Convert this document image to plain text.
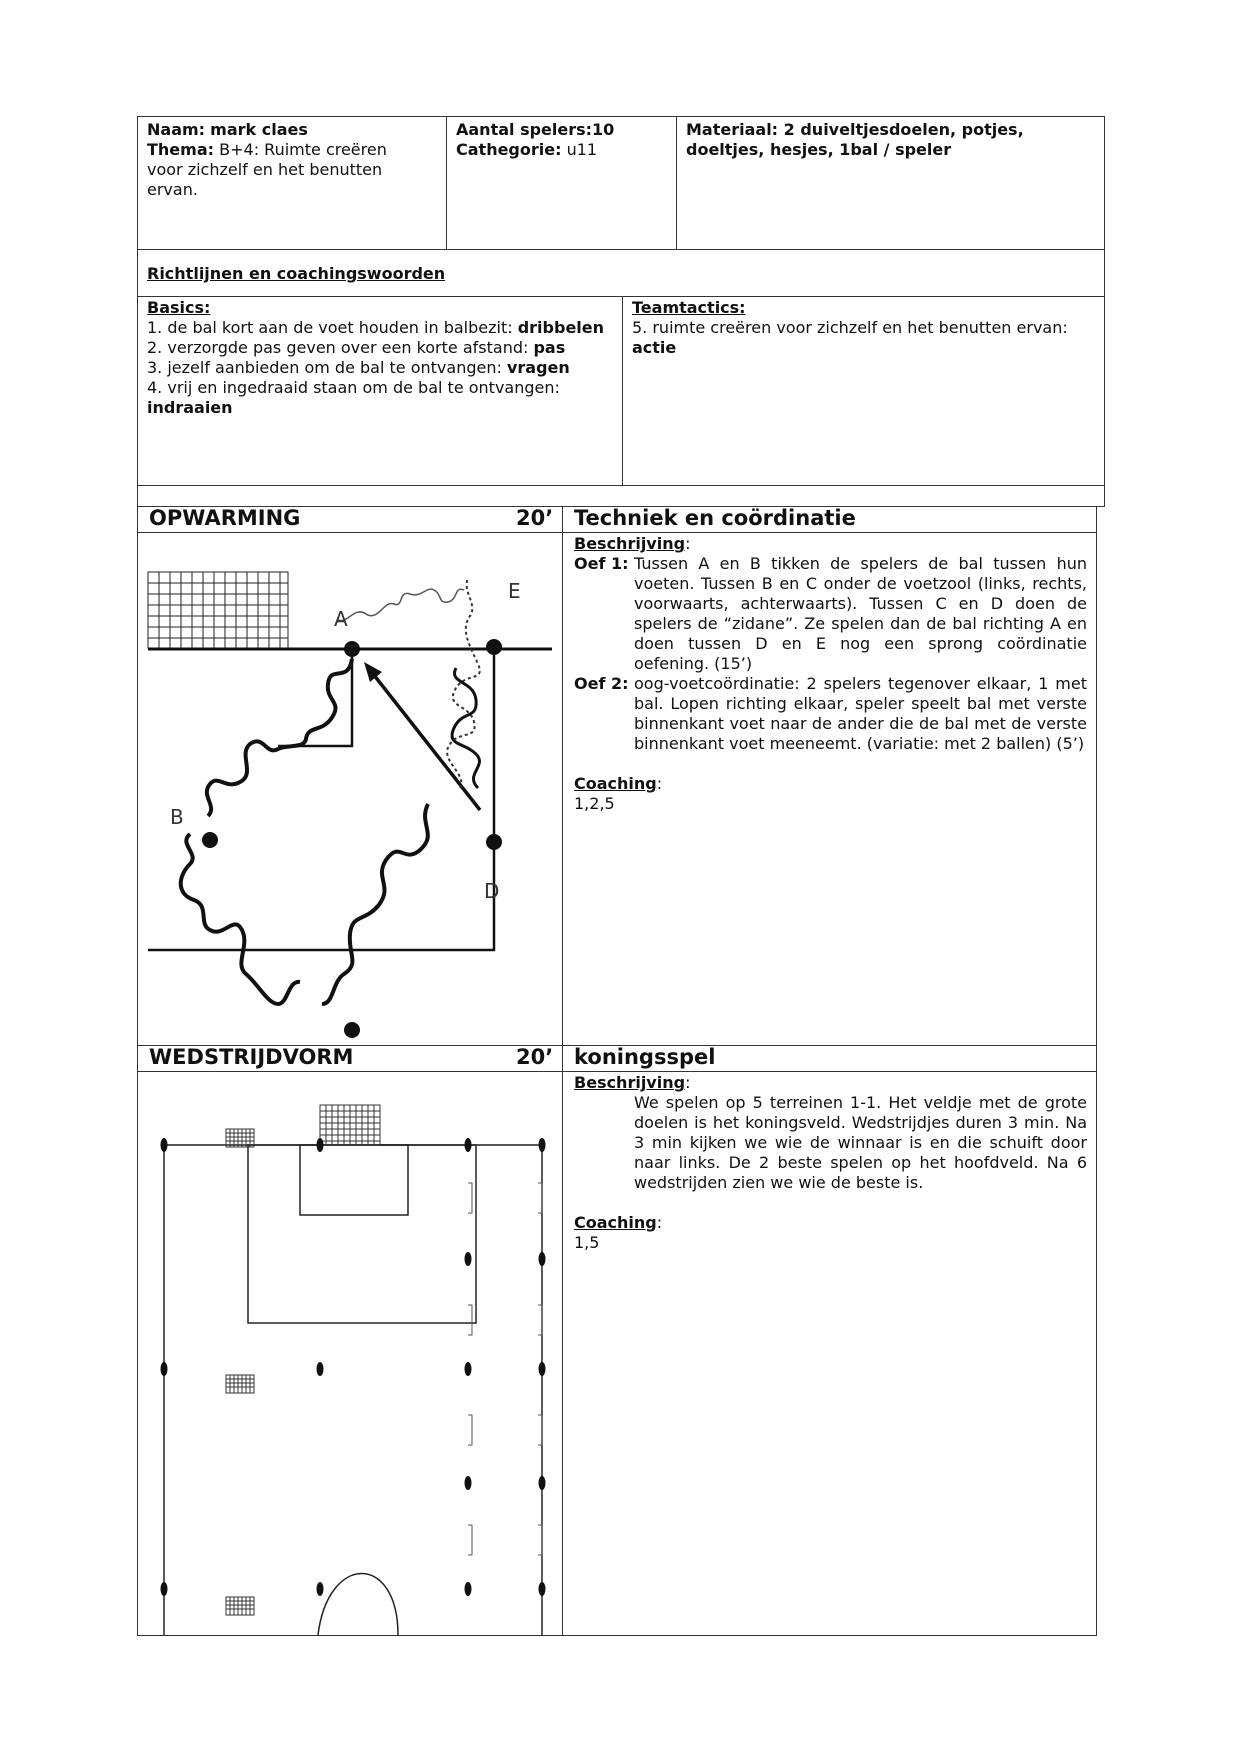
Naam: mark claes
Thema: B+4: Ruimte creëren voor zichzelf en het benutten ervan.
Aantal spelers:10
Cathegorie: u11
Materiaal: 2 duiveltjesdoelen, potjes, doeltjes, hesjes, 1bal / speler
Richtlijnen en coachingswoorden
Basics:
1. de bal kort aan de voet houden in balbezit: dribbelen
2. verzorgde pas geven over een korte afstand: pas
3. jezelf aanbieden om de bal te ontvangen: vragen
4. vrij en ingedraaid staan om de bal te ontvangen: indraaien
Teamtactics:
5. ruimte creëren voor zichzelf en het benutten ervan: actie
OPWARMING	20’ Techniek en coördinatie
Beschrijving:
Oef 1: Tussen A en B tikken de spelers de bal tussen hun voeten. Tussen B en C onder de voetzool (links, rechts, voorwaarts, achterwaarts). Tussen C en D doen de spelers de “zidane”. Ze spelen dan de bal richting A en doen tussen D en E nog een sprong coördinatie oefening. (15’)
Oef 2: oog-voetcoördinatie: 2 spelers tegenover elkaar, 1 met bal. Lopen richting elkaar, speler speelt bal met verste binnenkant voet naar de ander die de bal met de verste binnenkant voet meeneemt. (variatie: met 2 ballen) (5’)
Coaching:
1,2,5
A
E
B
D
WEDSTRIJDVORM	20’ koningsspel
Beschrijving:
We spelen op 5 terreinen 1-1. Het veldje met de grote doelen is het koningsveld. Wedstrijdjes duren 3 min. Na 3 min kijken we wie de winnaar is en die schuift door naar links. De 2 beste spelen op het hoofdveld. Na 6 wedstrijden zien we wie de beste is.
Coaching:
1,5
